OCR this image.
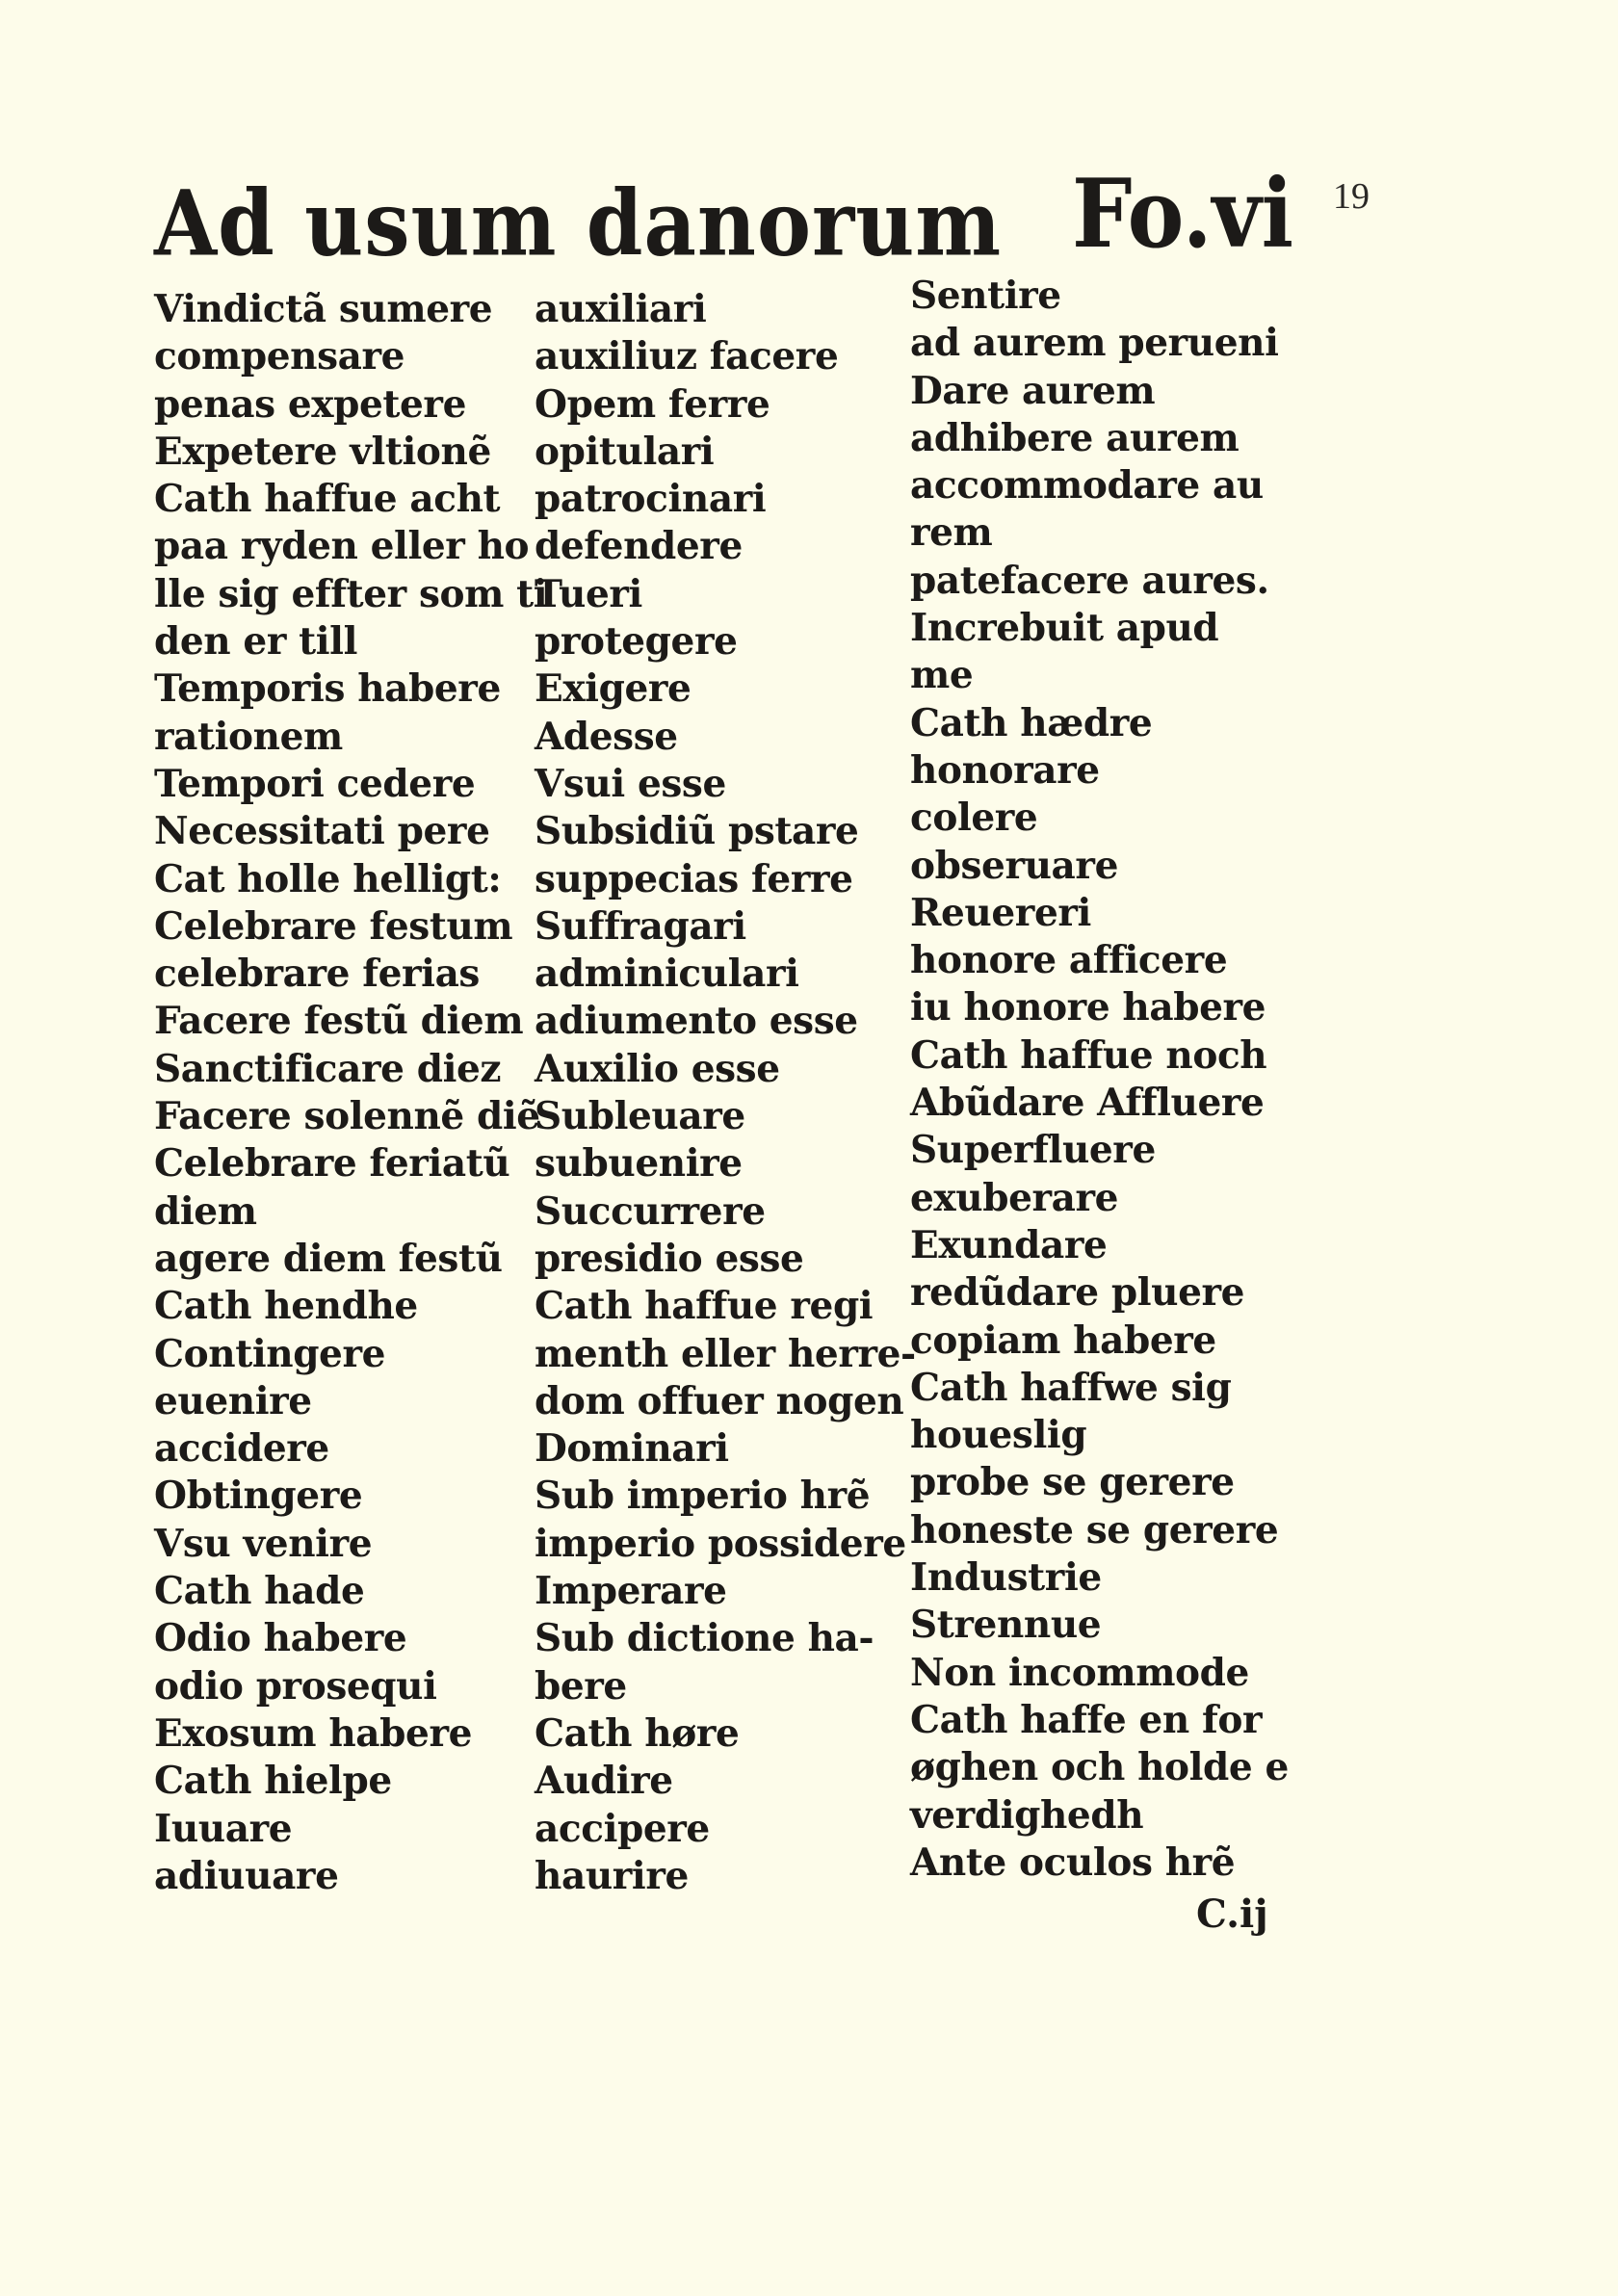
19
Ad usum danorum Fo.vi
Vindictã sumere
compensare
penas expetere
Expetere vltionẽ
Cath haffue acht
paa ryden eller ho
lle sig effter som ti
den er till
Temporis habere
rationem
Tempori cedere
Necessitati pere
Cat holle helligt:
Celebrare festum
celebrare ferias
Facere festũ diem
Sanctificare diez
Facere solennẽ diẽ
Celebrare feriatũ
diem
agere diem festũ
Cath hendhe
Contingere
euenire
accidere
Obtingere
Vsu venire
Cath hade
Odio habere
odio prosequi
Exosum habere
Cath hielpe
Iuuare
adiuuare
auxiliari
auxiliuz facere
Opem ferre
opitulari
patrocinari
defendere
Tueri
protegere
Exigere
Adesse
Vsui esse
Subsidiũ pstare
suppecias ferre
Suffragari
adminiculari
adiumento esse
Auxilio esse
Subleuare
subuenire
Succurrere
presidio esse
Cath haffue regi
menth eller herre-
dom offuer nogen
Dominari
Sub imperio hrẽ
imperio possidere
Imperare
Sub dictione ha-
bere
Cath høre
Audire
accipere
haurire
Sentire
ad aurem perueni
Dare aurem
adhibere aurem
accommodare au
rem
patefacere aures.
Increbuit apud
me
Cath hædre
honorare
colere
obseruare
Reuereri
honore afficere
iu honore habere
Cath haffue noch
Abũdare Affluere
Superfluere
exuberare
Exundare
redũdare pluere
copiam habere
Cath haffwe sig
houeslig
probe se gerere
honeste se gerere
Industrie
Strennue
Non incommode
Cath haffe en for
øghen och holde e
verdighedh
Ante oculos hrẽ
C.ij
